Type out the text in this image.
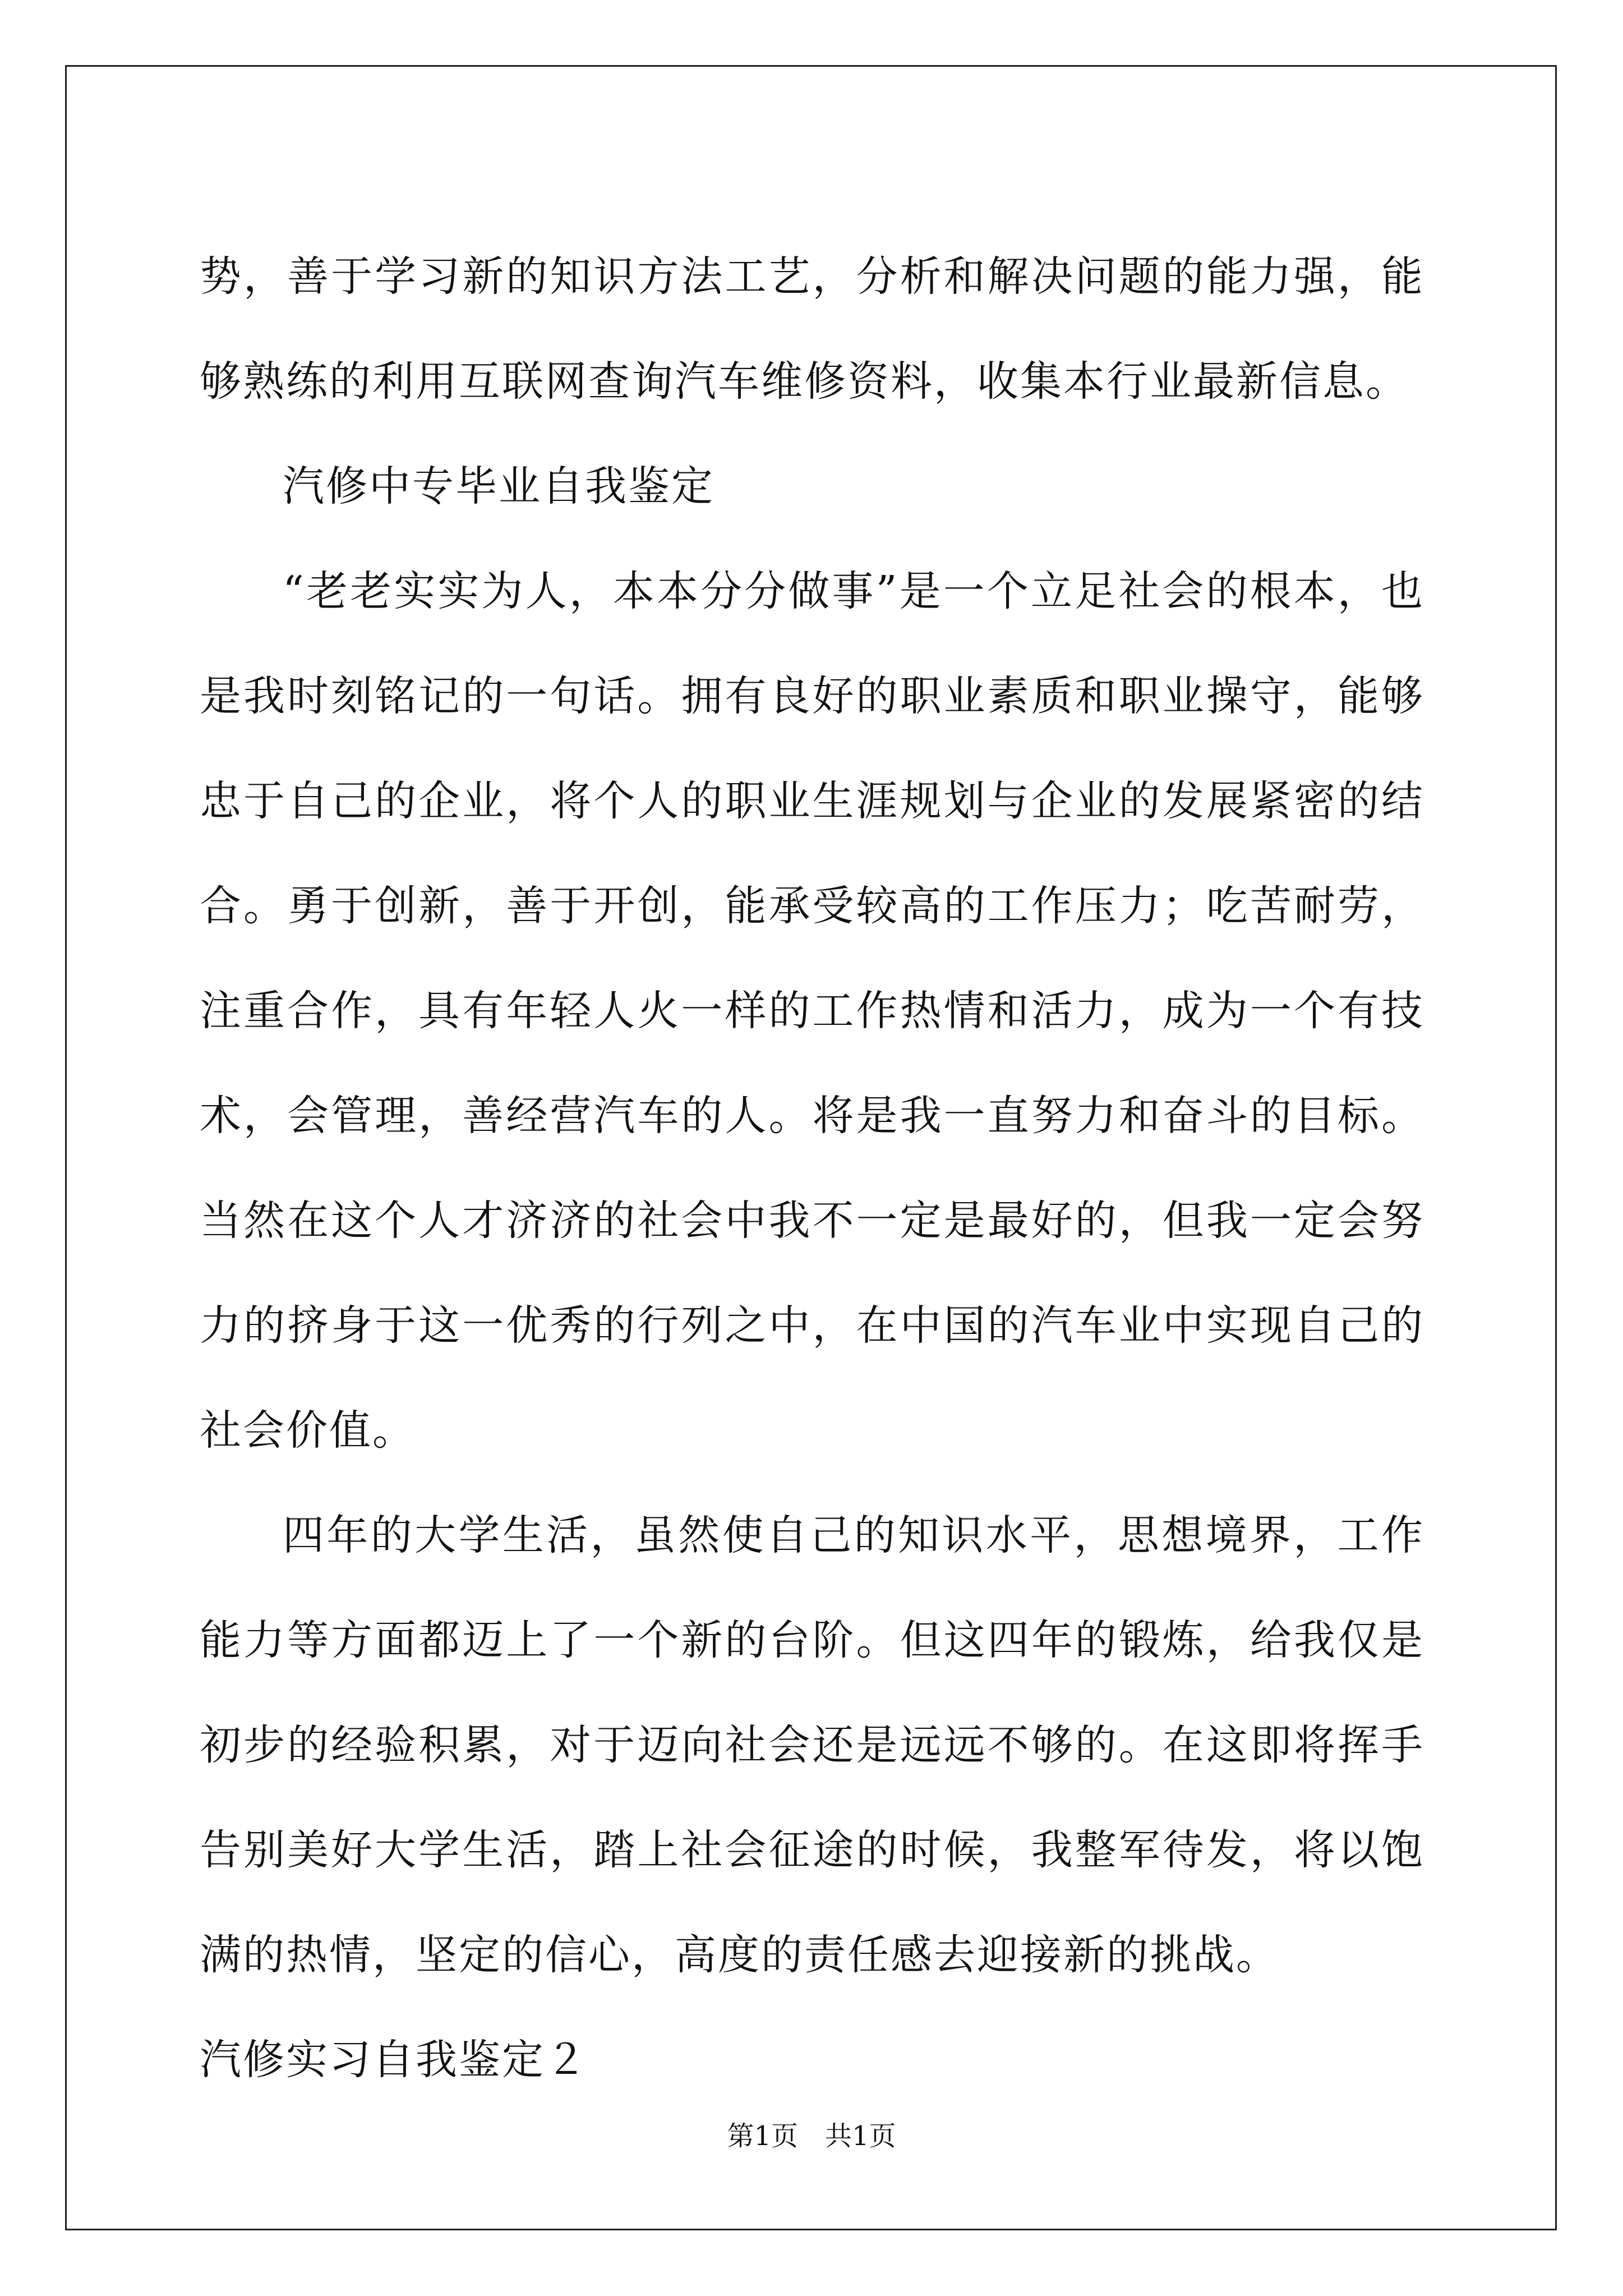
势，善于学习新的知识方法工艺，分析和解决问题的能力强，能够熟练的利用互联网查询汽车维修资料，收集本行业最新信息。

汽修中专毕业自我鉴定

“老老实实为人，本本分分做事”是一个立足社会的根本，也是我时刻铭记的一句话。拥有良好的职业素质和职业操守，能够忠于自己的企业，将个人的职业生涯规划与企业的发展紧密的结合。勇于创新，善于开创，能承受较高的工作压力；吃苦耐劳，注重合作，具有年轻人火一样的工作热情和活力，成为一个有技术，会管理，善经营汽车的人。将是我一直努力和奋斗的目标。当然在这个人才济济的社会中我不一定是最好的，但我一定会努力的挤身于这一优秀的行列之中，在中国的汽车业中实现自己的社会价值。

四年的大学生活，虽然使自己的知识水平，思想境界，工作能力等方面都迈上了一个新的台阶。但这四年的锻炼，给我仅是初步的经验积累，对于迈向社会还是远远不够的。在这即将挥手告别美好大学生活，踏上社会征途的时候，我整军待发，将以饱满的热情，坚定的信心，高度的责任感去迎接新的挑战。

汽修实习自我鉴定２

第1页 共1页
